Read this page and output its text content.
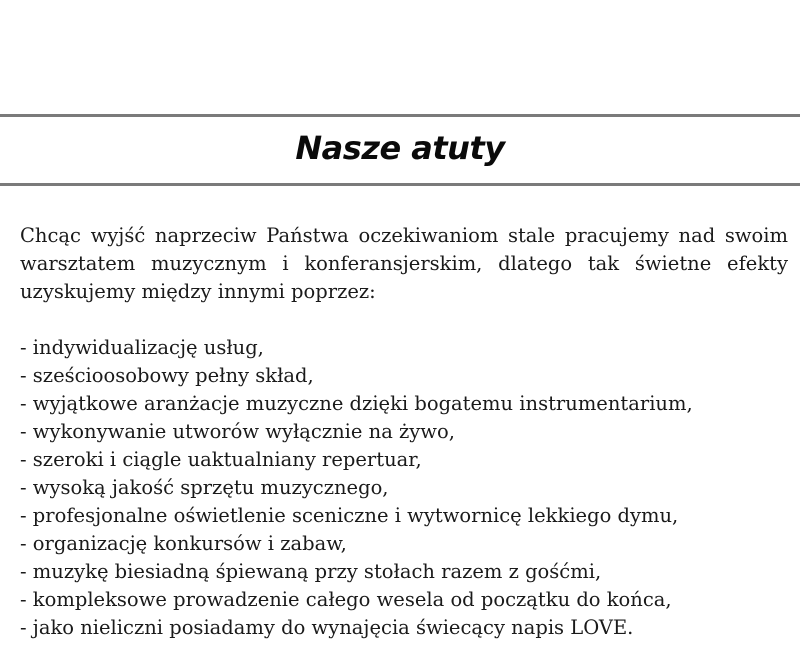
Nasze atuty

Chcąc wyjść naprzeciw Państwa oczekiwaniom stale pracujemy nad swoim warsztatem muzycznym i konferansjerskim, dlatego tak świetne efekty uzyskujemy między innymi poprzez:

- indywidualizację usług,
- sześcioosobowy pełny skład,
- wyjątkowe aranżacje muzyczne dzięki bogatemu instrumentarium,
- wykonywanie utworów wyłącznie na żywo,
- szeroki i ciągle uaktualniany repertuar,
- wysoką jakość sprzętu muzycznego,
- profesjonalne oświetlenie sceniczne i wytwornicę lekkiego dymu,
- organizację konkursów i zabaw,
- muzykę biesiadną śpiewaną przy stołach razem z gośćmi,
- kompleksowe prowadzenie całego wesela od początku do końca,
- jako nieliczni posiadamy do wynajęcia świecący napis LOVE.
